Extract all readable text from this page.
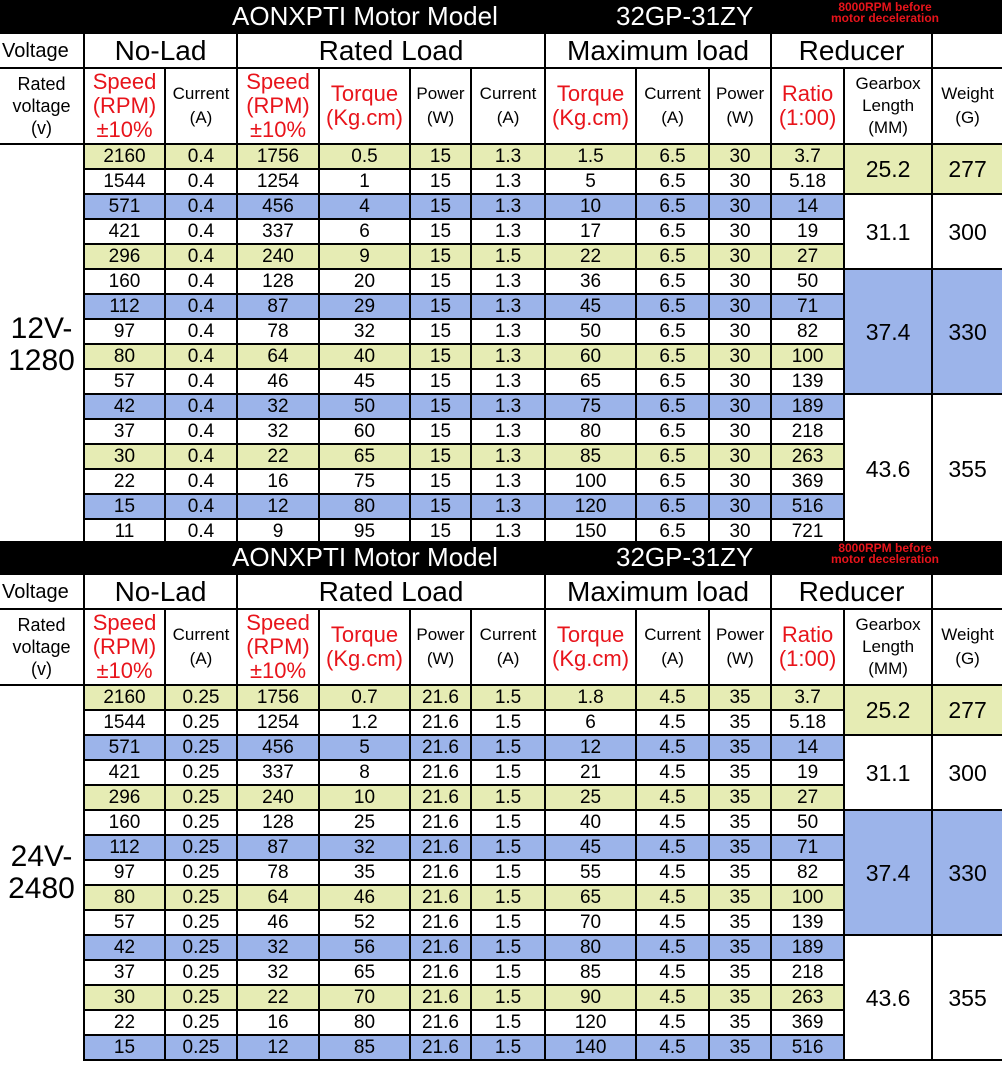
AONXPTI Motor Model	32GP-31ZY	8000RPM before
motor deceleration
Voltage	No-Lad		Rated Load				Maximum load			Reducer		
Rated
voltage
(v)	Speed
(RPM)
±10%	Current
(A)	Speed
(RPM)
±10%	Torque
(Kg.cm)	Power
(W)	Current
(A)	Torque
(Kg.cm)	Current
(A)	Power
(W)	Ratio
(1:00)	Gearbox
Length
(MM)	Weight
(G)
12V-
1280	2160	0.4	1756	0.5	15	1.3	1.5	6.5	30	3.7	25.2	277
	1544	0.4	1254	1	15	1.3	5	6.5	30	5.18		
	571	0.4	456	4	15	1.3	10	6.5	30	14	31.1	300
	421	0.4	337	6	15	1.3	17	6.5	30	19		
	296	0.4	240	9	15	1.5	22	6.5	30	27		
	160	0.4	128	20	15	1.3	36	6.5	30	50	37.4	330
	112	0.4	87	29	15	1.3	45	6.5	30	71		
	97	0.4	78	32	15	1.3	50	6.5	30	82		
	80	0.4	64	40	15	1.3	60	6.5	30	100		
	57	0.4	46	45	15	1.3	65	6.5	30	139		
	42	0.4	32	50	15	1.3	75	6.5	30	189	43.6	355
	37	0.4	32	60	15	1.3	80	6.5	30	218		
	30	0.4	22	65	15	1.3	85	6.5	30	263		
	22	0.4	16	75	15	1.3	100	6.5	30	369		
	15	0.4	12	80	15	1.3	120	6.5	30	516		
	11	0.4	9	95	15	1.3	150	6.5	30	721		
AONXPTI Motor Model	32GP-31ZY	8000RPM before
motor deceleration
Voltage	No-Lad		Rated Load				Maximum load			Reducer		
Rated
voltage
(v)	Speed
(RPM)
±10%	Current
(A)	Speed
(RPM)
±10%	Torque
(Kg.cm)	Power
(W)	Current
(A)	Torque
(Kg.cm)	Current
(A)	Power
(W)	Ratio
(1:00)	Gearbox
Length
(MM)	Weight
(G)
24V-
2480	2160	0.25	1756	0.7	21.6	1.5	1.8	4.5	35	3.7	25.2	277
	1544	0.25	1254	1.2	21.6	1.5	6	4.5	35	5.18		
	571	0.25	456	5	21.6	1.5	12	4.5	35	14	31.1	300
	421	0.25	337	8	21.6	1.5	21	4.5	35	19		
	296	0.25	240	10	21.6	1.5	25	4.5	35	27		
	160	0.25	128	25	21.6	1.5	40	4.5	35	50	37.4	330
	112	0.25	87	32	21.6	1.5	45	4.5	35	71		
	97	0.25	78	35	21.6	1.5	55	4.5	35	82		
	80	0.25	64	46	21.6	1.5	65	4.5	35	100		
	57	0.25	46	52	21.6	1.5	70	4.5	35	139		
	42	0.25	32	56	21.6	1.5	80	4.5	35	189	43.6	355
	37	0.25	32	65	21.6	1.5	85	4.5	35	218		
	30	0.25	22	70	21.6	1.5	90	4.5	35	263		
	22	0.25	16	80	21.6	1.5	120	4.5	35	369		
	15	0.25	12	85	21.6	1.5	140	4.5	35	516		
